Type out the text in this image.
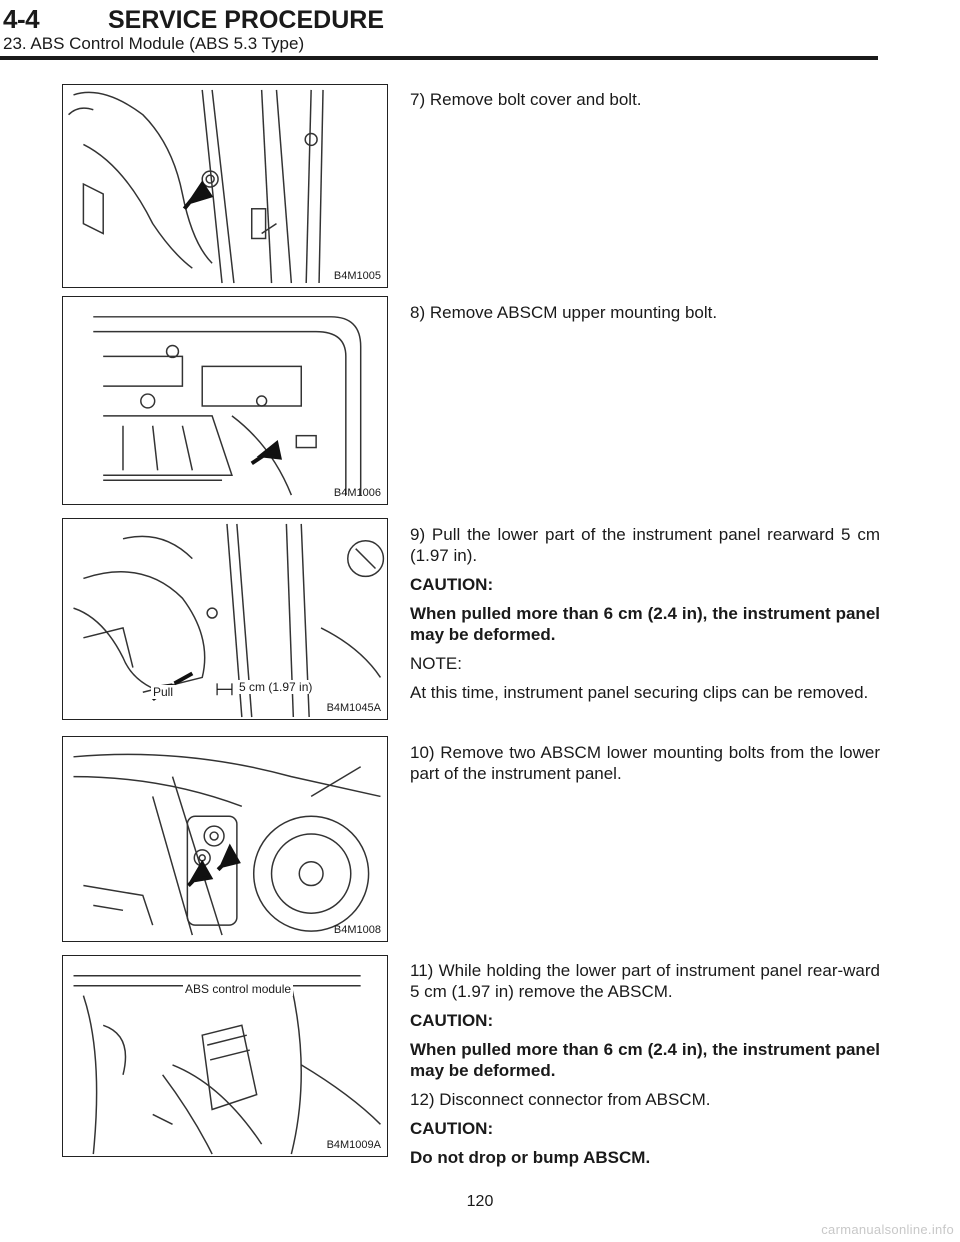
4-4	SERVICE PROCEDURE
23. ABS Control Module (ABS 5.3 Type)
B4M1005

7) Remove bolt cover and bolt.

B4M1006

8) Remove ABSCM upper mounting bolt.

Pull	5 cm (1.97 in)
B4M1045A

9) Pull the lower part of the instrument panel rearward 5 cm (1.97 in).

CAUTION:

When pulled more than 6 cm (2.4 in), the instrument panel may be deformed.

NOTE:

At this time, instrument panel securing clips can be removed.

B4M1008

10) Remove two ABSCM lower mounting bolts from the lower part of the instrument panel.

ABS control module
B4M1009A

11) While holding the lower part of instrument panel rear-ward 5 cm (1.97 in) remove the ABSCM.

CAUTION:

When pulled more than 6 cm (2.4 in), the instrument panel may be deformed.

12) Disconnect connector from ABSCM.

CAUTION:

Do not drop or bump ABSCM.

120
carmanualsonline.info
